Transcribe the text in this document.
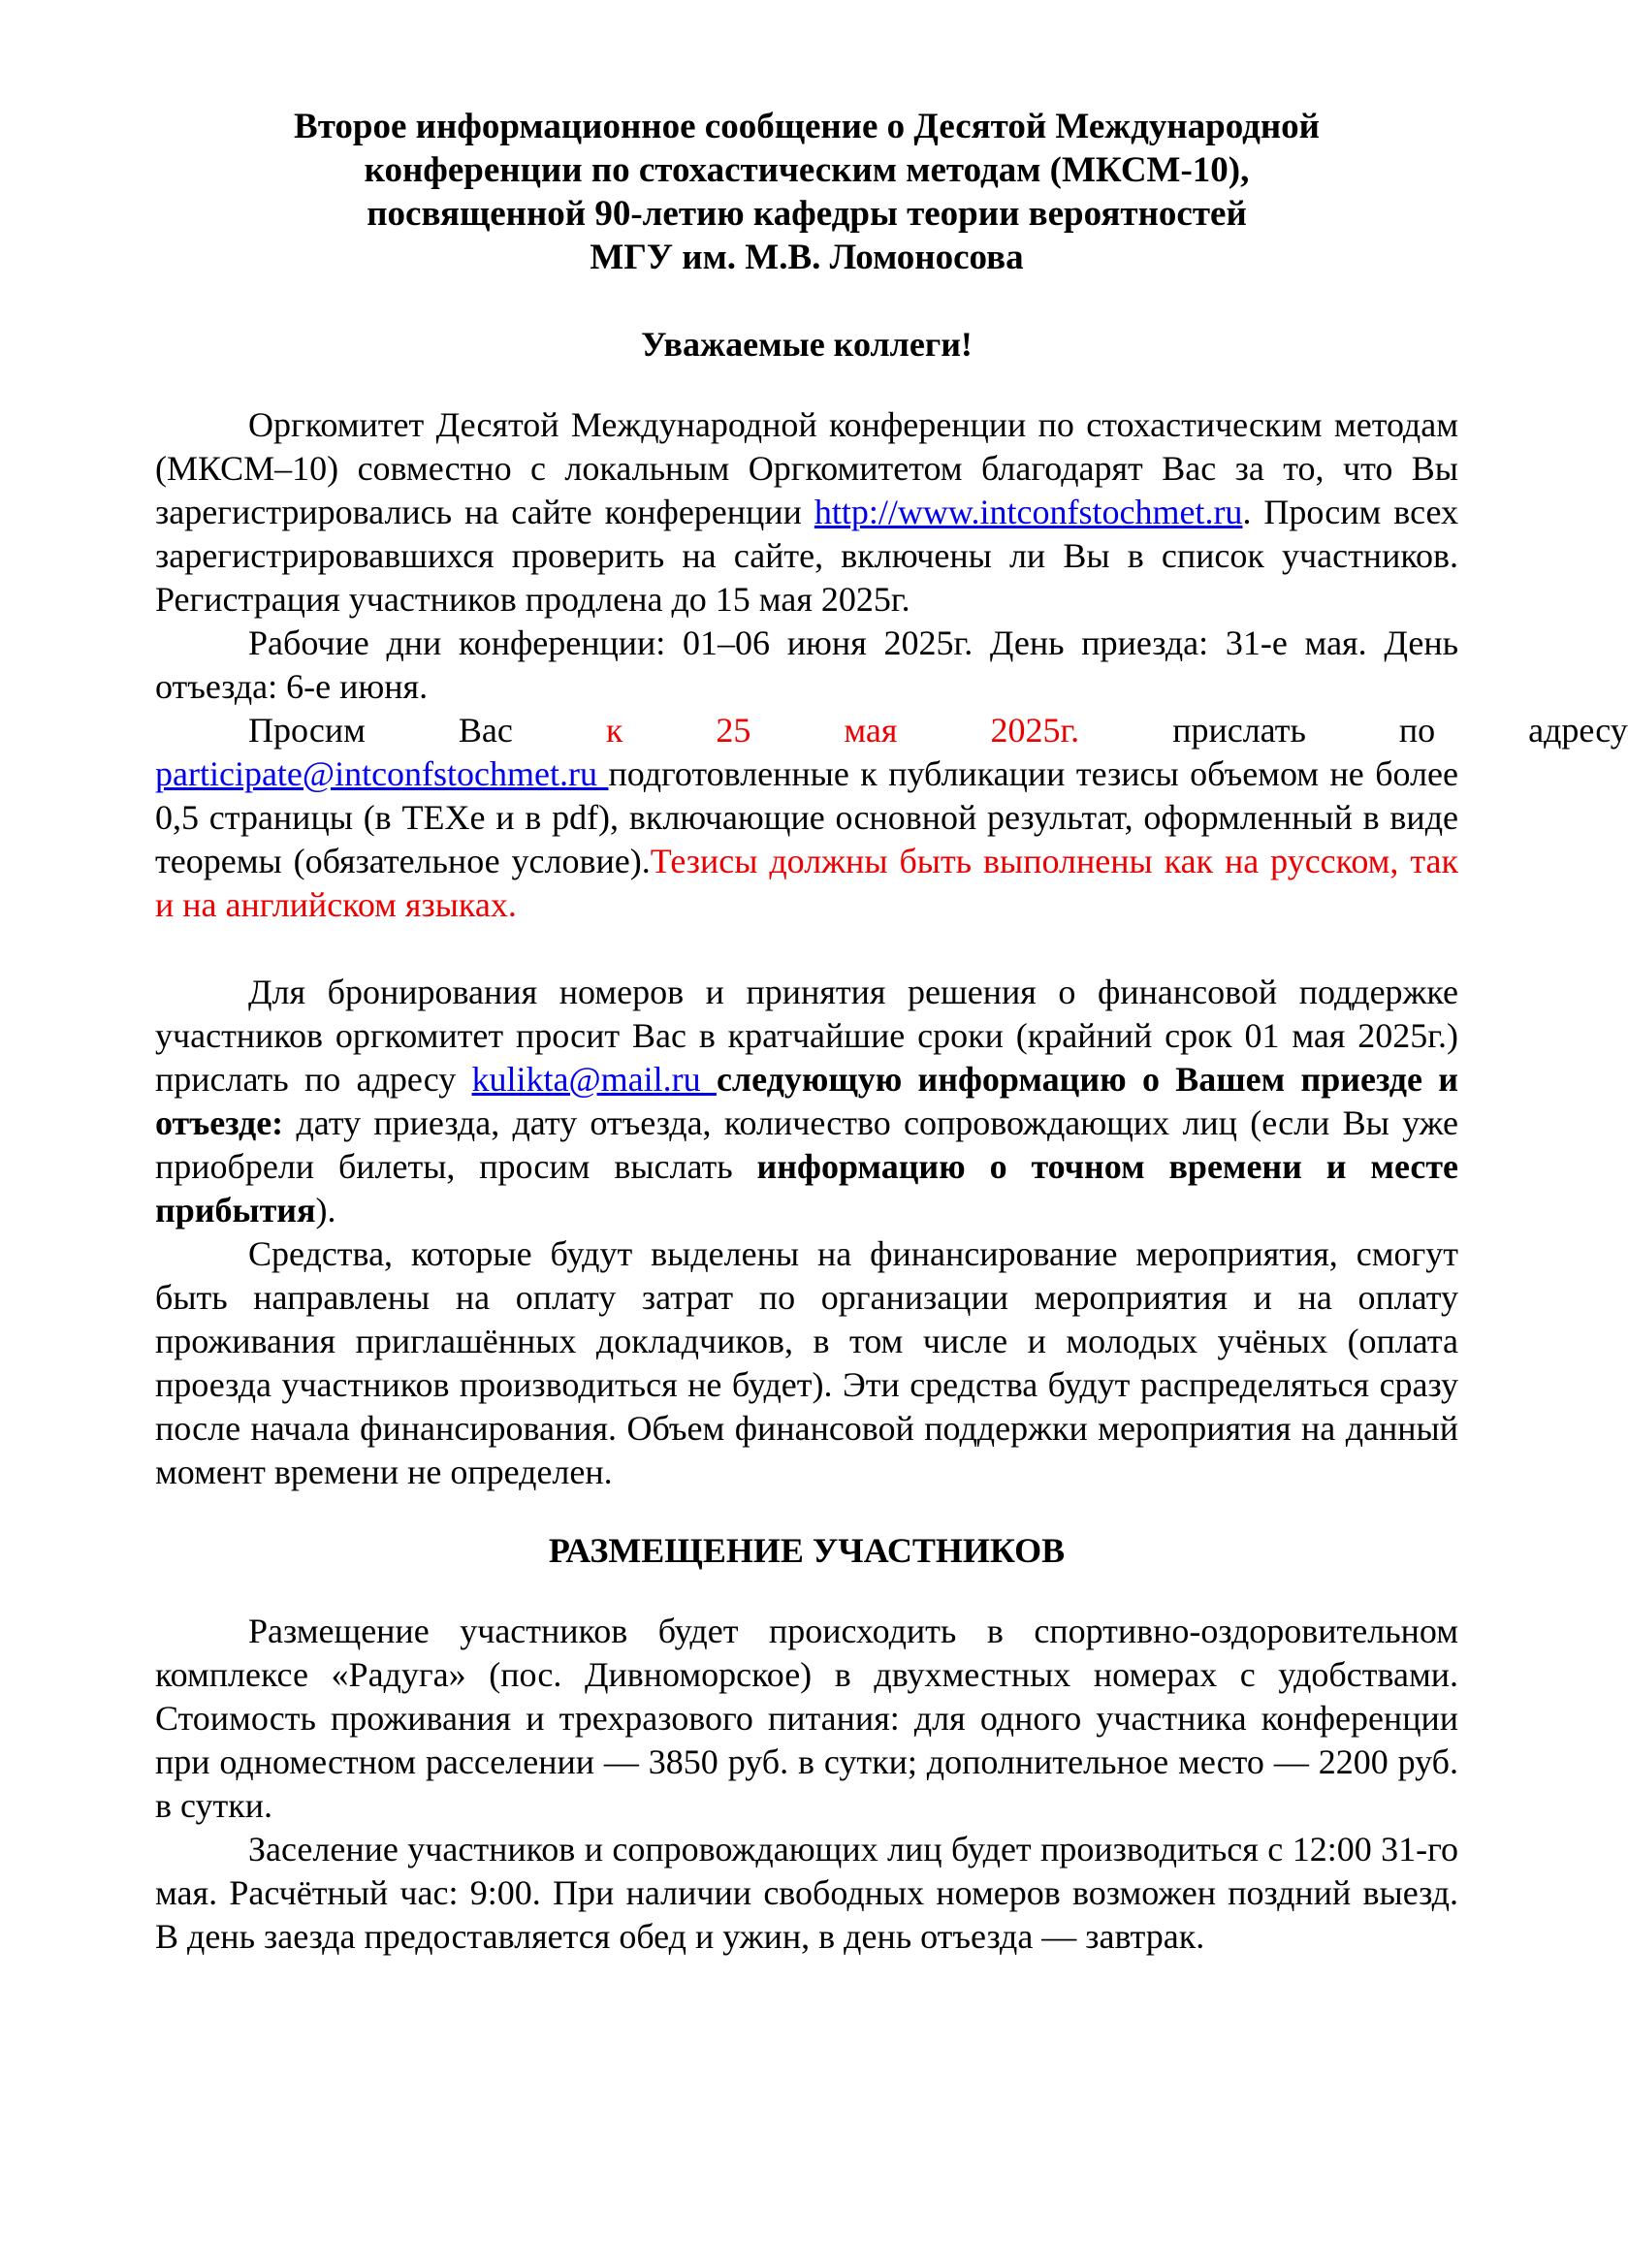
Второе информационное сообщение о Десятой Международной
конференции по стохастическим методам (МКСМ-10),
посвященной 90-летию кафедры теории вероятностей
МГУ им. М.В. Ломоносова

Уважаемые коллеги!

Оргкомитет Десятой Международной конференции по стохастическим методам (МКСМ–10) совместно с локальным Оргкомитетом благодарят Вас за то, что Вы зарегистрировались на сайте конференции http://www.intconfstochmet.ru. Просим всех зарегистрировавшихся проверить на сайте, включены ли Вы в список участников. Регистрация участников продлена до 15 мая 2025г.

Рабочие дни конференции: 01–06 июня 2025г. День приезда: 31-е мая. День отъезда: 6-е июня.

Просим	Вас	к	25	мая	2025г.	прислать	по	адресу
participate@intconfstochmet.ru подготовленные к публикации тезисы объемом не более 0,5 страницы (в TEXe и в pdf), включающие основной результат, оформленный в виде теоремы (обязательное условие).Тезисы должны быть выполнены как на русском, так и на английском языках.

Для бронирования номеров и принятия решения о финансовой поддержке участников оргкомитет просит Вас в кратчайшие сроки (крайний срок 01 мая 2025г.) прислать по адресу kulikta@mail.ru следующую информацию о Вашем приезде и отъезде: дату приезда, дату отъезда, количество сопровождающих лиц (если Вы уже приобрели билеты, просим выслать информацию о точном времени и месте прибытия).

Средства, которые будут выделены на финансирование мероприятия, смогут быть направлены на оплату затрат по организации мероприятия и на оплату проживания приглашённых докладчиков, в том числе и молодых учёных (оплата проезда участников производиться не будет). Эти средства будут распределяться сразу после начала финансирования. Объем финансовой поддержки мероприятия на данный момент времени не определен.

РАЗМЕЩЕНИЕ УЧАСТНИКОВ

Размещение участников будет происходить в спортивно-оздоровительном комплексе «Радуга» (пос. Дивноморское) в двухместных номерах с удобствами. Стоимость проживания и трехразового питания: для одного участника конференции при одноместном расселении — 3850 руб. в сутки; дополнительное место — 2200 руб. в сутки.

Заселение участников и сопровождающих лиц будет производиться с 12:00 31-го мая. Расчётный час: 9:00. При наличии свободных номеров возможен поздний выезд. В день заезда предоставляется обед и ужин, в день отъезда — завтрак.
